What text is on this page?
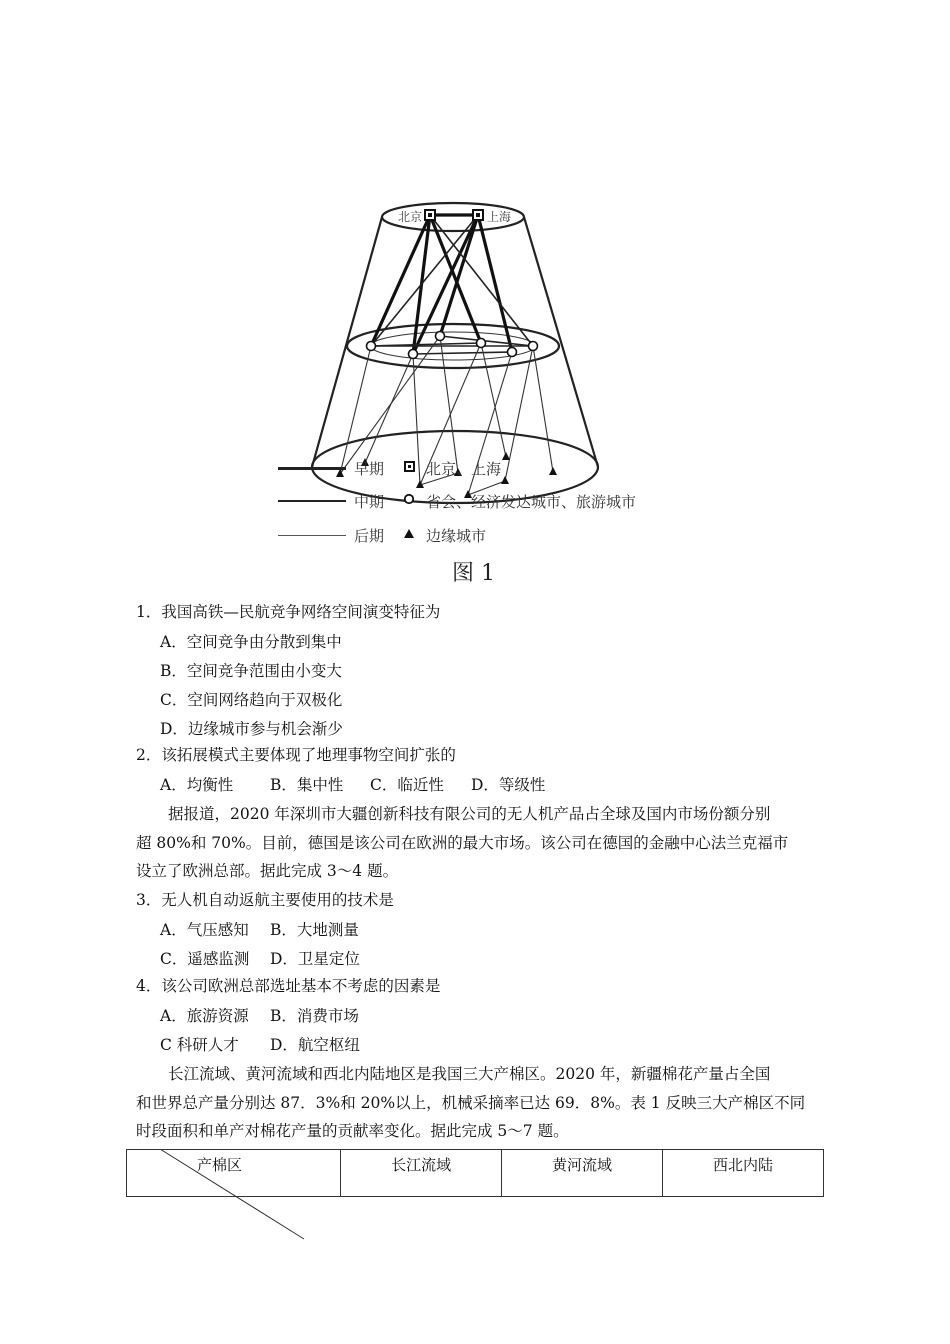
北京	上海
早期	北京、上海
中期	省会、经济发达城市、旅游城市
后期	边缘城市
图 1
1．我国高铁—民航竞争网络空间演变特征为
A．空间竞争由分散到集中
B．空间竞争范围由小变大
C．空间网络趋向于双极化
D．边缘城市参与机会渐少
2．该拓展模式主要体现了地理事物空间扩张的
A．均衡性 B．集中性 C．临近性 D．等级性

据报道，2020 年深圳市大疆创新科技有限公司的无人机产品占全球及国内市场份额分别

超 80%和 70%。目前，德国是该公司在欧洲的最大市场。该公司在德国的金融中心法兰克福市

设立了欧洲总部。据此完成 3～4 题。

3．无人机自动返航主要使用的技术是
A．气压感知 B．大地测量
C．遥感监测 D．卫星定位
4．该公司欧洲总部选址基本不考虑的因素是
A．旅游资源 B．消费市场
C 科研人才 D．航空枢纽

长江流域、黄河流域和西北内陆地区是我国三大产棉区。2020 年，新疆棉花产量占全国

和世界总产量分别达 87．3%和 20%以上，机械采摘率已达 69．8%。表 1 反映三大产棉区不同

时段面积和单产对棉花产量的贡献率变化。据此完成 5～7 题。

产棉区	长江流域	黄河流域	西北内陆
